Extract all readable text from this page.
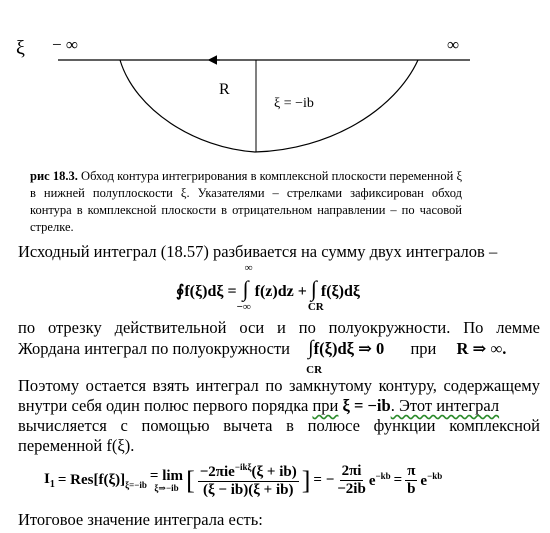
ξ − ∞	∞
R
ξ = −ib
рис 18.3. Обход контура интегрирования в комплексной плоскости переменной ξ в нижней полуплоскости ξ. Указателями – стрелками зафиксирован обход контура в комплексной плоскости в отрицательном направлении – по часовой стрелке.
Исходный интеграл (18.57) разбивается на сумму двух интегралов –
∮f(ξ)dξ = ∫
∞
−∞
f(z)dz + ∫
CR
f(ξ)dξ
по отрезку действительной оси и по полуокружности. По лемме
Жордана интеграл по полуокружности ∫f(ξ)dξ ⇒ 0
CR
при R ⇒ ∞.
Поэтому остается взять интеграл по замкнутому контуру, содержащему
внутри себя один полюс первого порядка при ξ = −ib. Этот интеграл
вычисляется с помощью вычета в полюсе функции комплексной
переменной f(ξ).
$I_1 = Res[f(\xi)]_{\xi=-ib}$
= lim
ξ⇒−ib [ −2πie$^{-ik\xi}$(ξ + ib)
(ξ − ib)(ξ + ib) ] = − $\frac{2\pi i}{-2ib} e^{-kb} = \frac{\pi}{b} e^{-kb}$
Итоговое значение интеграла есть:
